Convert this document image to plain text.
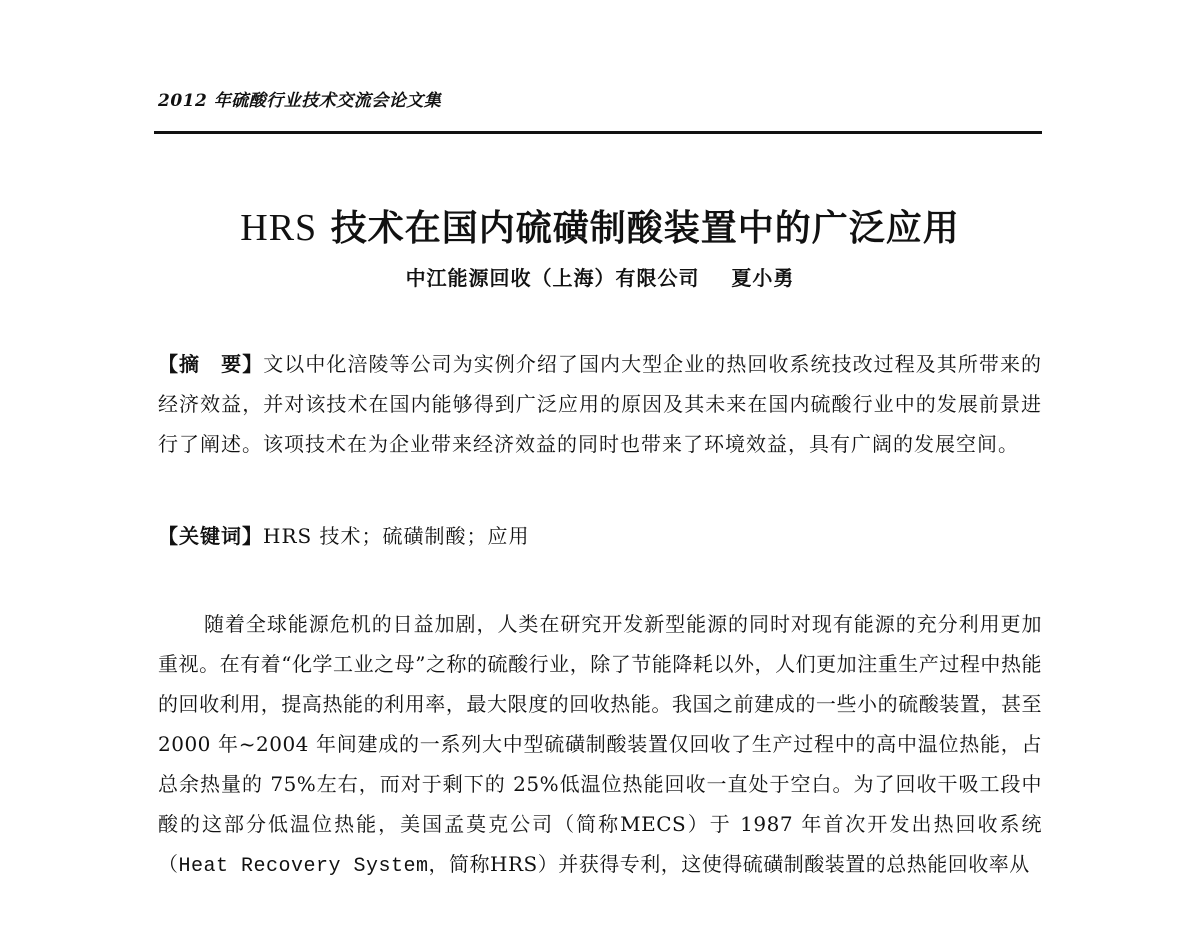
2012 年硫酸行业技术交流会论文集
HRS 技术在国内硫磺制酸装置中的广泛应用
中江能源回收（上海）有限公司 夏小勇
【摘　要】文以中化涪陵等公司为实例介绍了国内大型企业的热回收系统技改过程及其所带来的经济效益，并对该技术在国内能够得到广泛应用的原因及其未来在国内硫酸行业中的发展前景进行了阐述。该项技术在为企业带来经济效益的同时也带来了环境效益，具有广阔的发展空间。
【关键词】HRS 技术；硫磺制酸；应用
随着全球能源危机的日益加剧，人类在研究开发新型能源的同时对现有能源的充分利用更加重视。在有着“化学工业之母”之称的硫酸行业，除了节能降耗以外，人们更加注重生产过程中热能的回收利用，提高热能的利用率，最大限度的回收热能。我国之前建成的一些小的硫酸装置，甚至 2000 年~2004 年间建成的一系列大中型硫磺制酸装置仅回收了生产过程中的高中温位热能，占总余热量的 75%左右，而对于剩下的 25%低温位热能回收一直处于空白。为了回收干吸工段中酸的这部分低温位热能，美国孟莫克公司（简称MECS）于 1987 年首次开发出热回收系统（Heat Recovery System，简称HRS）并获得专利，这使得硫磺制酸装置的总热能回收率从
